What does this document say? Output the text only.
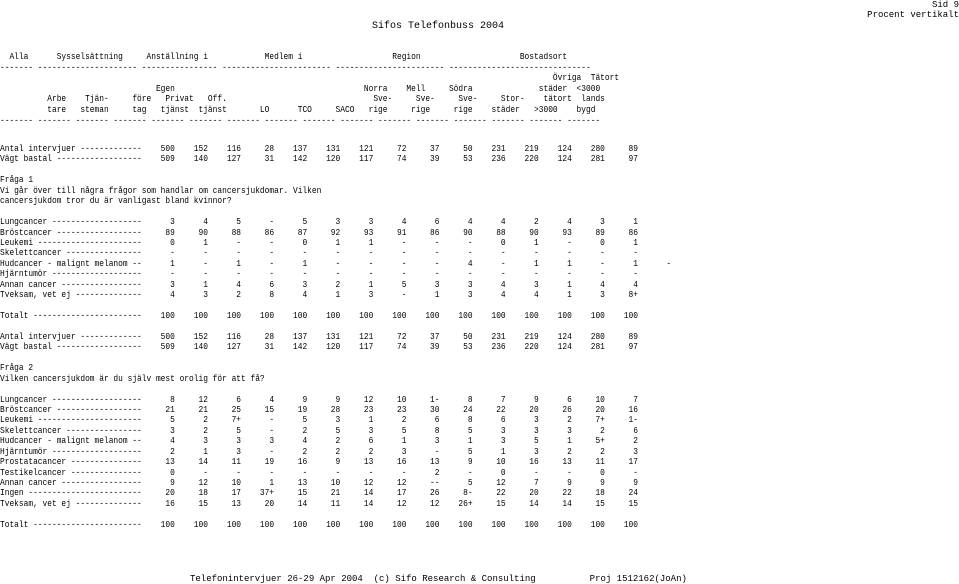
Sid 9
Procent vertikalt
Sifos Telefonbuss 2004
Alla      Sysselsättning     Anställning i            Medlem i                   Region                     Bostadsort
------- --------------------- ---------------- ----------------------- ----------------------- ------------------------------
Övriga  Tätort
Egen                                        Norra    Mell     Södra              städer  <3000
Arbe    Tjän-     före   Privat   Off.                               Sve-     Sve-     Sve-     Stor-    tätort  lands
tare   steman     tag   tjänst  tjänst       LO      TCO     SACO   rige     rige     rige    städer   >3000    bygd
------- ------- ------- ------- ------- ------- ------- ------- ------- ------- ------- ------- ------- ------- ------- -------
Antal intervjuer -------------    500    152    116     28    137    131    121     72     37     50    231    219    124    280     89
Vägt bastal ------------------    509    140    127     31    142    120    117     74     39     53    236    220    124    281     97
Fråga 1
Vi går över till några frågor som handlar om cancersjukdomar. Vilken
cancersjukdom tror du är vanligast bland kvinnor?
Lungcancer -------------------      3      4      5      -      5      3      3      4      6      4      4      2      4      3      1
Bröstcancer ------------------     89     90     88     86     87     92     93     91     86     90     88     90     93     89     86
Leukemi ----------------------      0      1      -      -      0      1      1      -      -      -      0      1      -      0      1
Skelettcancer ----------------      -      -      -      -      -      -      -      -      -      -      -      -      -      -      -
Hudcancer - malignt melanom --      1      -      1      -      1      -      -      -      -      4      -      1      1      -      1      -
Hjärntumör -------------------      -      -      -      -      -      -      -      -      -      -      -      -      -      -      -
Annan cancer -----------------      3      1      4      6      3      2      1      5      3      3      4      3      1      4      4
Tveksam, vet ej --------------      4      3      2      8      4      1      3      -      1      3      4      4      1      3     8+
Totalt -----------------------    100    100    100    100    100    100    100    100    100    100    100    100    100    100    100
Antal intervjuer -------------    500    152    116     28    137    131    121     72     37     50    231    219    124    280     89
Vägt bastal ------------------    509    140    127     31    142    120    117     74     39     53    236    220    124    281     97
Fråga 2
Vilken cancersjukdom är du själv mest orolig för att få?
Lungcancer -------------------      8     12      6      4      9      9     12     10     1-      8      7      9      6     10      7
Bröstcancer ------------------     21     21     25     15     19     28     23     23     30     24     22     20     26     20     16
Leukemi ----------------------      5      2     7+      -      5      3      1      2      6      8      6      3      2     7+     1-
Skelettcancer ----------------      3      2      5      -      2      5      3      5      8      5      3      3      3      2      6
Hudcancer - malignt melanom --      4      3      3      3      4      2      6      1      3      1      3      5      1     5+      2
Hjärntumör -------------------      2      1      3      -      2      2      2      3      -      5      1      3      2      2      3
Prostatacancer ---------------     13     14     11     19     16      9     13     16     13      9     10     16     13     11     17
Testikelcancer ---------------      0      -      -      -      -      -      -      -      2      -      0      -      -      0      -
Annan cancer -----------------      9     12     10      1     13     10     12     12     --      5     12      7      9      9      9
Ingen ------------------------     20     18     17    37+     15     21     14     17     26     8-     22     20     22     18     24
Tveksam, vet ej --------------     16     15     13     20     14     11     14     12     12    26+     15     14     14     15     15
Totalt -----------------------    100    100    100    100    100    100    100    100    100    100    100    100    100    100    100
Telefonintervjuer 26-29 Apr 2004  (c) Sifo Research & Consulting          Proj 1512162(JoAn)
